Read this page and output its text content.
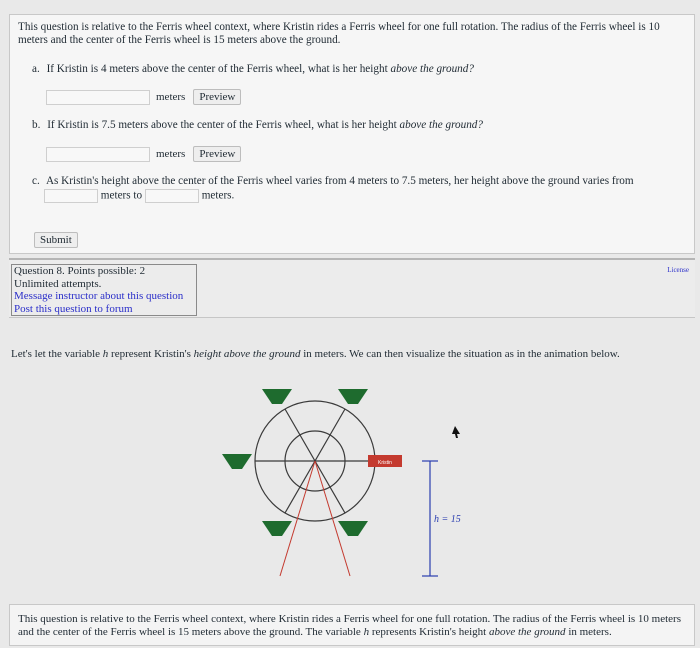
This question is relative to the Ferris wheel context, where Kristin rides a Ferris wheel for one full rotation. The radius of the Ferris wheel is 10 meters and the center of the Ferris wheel is 15 meters above the ground.
a. If Kristin is 4 meters above the center of the Ferris wheel, what is her height above the ground?
meters	Preview
b. If Kristin is 7.5 meters above the center of the Ferris wheel, what is her height above the ground?
meters	Preview
c. As Kristin's height above the center of the Ferris wheel varies from 4 meters to 7.5 meters, her height above the ground varies from
meters to	meters.
Submit
Question 8. Points possible: 2
Unlimited attempts.
Message instructor about this question
Post this question to forum
License
Let's let the variable h represent Kristin's height above the ground in meters. We can then visualize the situation as in the animation below.
Kristin
h = 15
This question is relative to the Ferris wheel context, where Kristin rides a Ferris wheel for one full rotation. The radius of the Ferris wheel is 10 meters and the center of the Ferris wheel is 15 meters above the ground. The variable h represents Kristin's height above the ground in meters.
